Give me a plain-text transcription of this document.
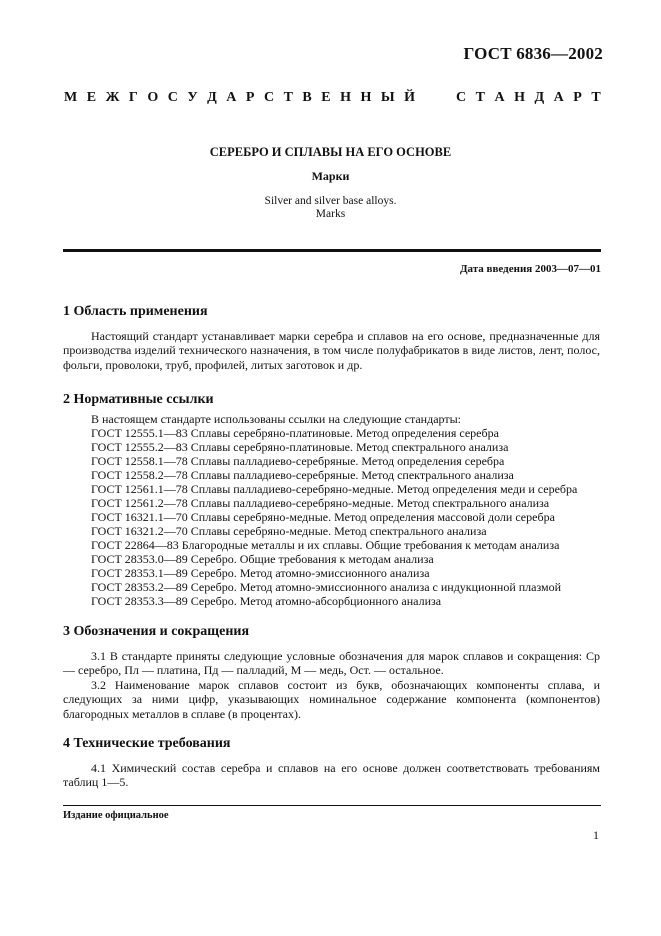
ГОСТ 6836—2002
М Е Ж Г О С У Д А Р С Т В Е Н Н Ы Й	С Т А Н Д А Р Т
СЕРЕБРО И СПЛАВЫ НА ЕГО ОСНОВЕ
Марки
Silver and silver base alloys.
Marks
Дата введения 2003—07—01

1 Область применения

Настоящий стандарт устанавливает марки серебра и сплавов на его основе, предназначенные для производства изделий технического назначения, в том числе полуфабрикатов в виде листов, лент, полос, фольги, проволоки, труб, профилей, литых заготовок и др.

2 Нормативные ссылки

В настоящем стандарте использованы ссылки на следующие стандарты:
ГОСТ 12555.1—83 Сплавы серебряно-платиновые. Метод определения серебра
ГОСТ 12555.2—83 Сплавы серебряно-платиновые. Метод спектрального анализа
ГОСТ 12558.1—78 Сплавы палладиево-серебряные. Метод определения серебра
ГОСТ 12558.2—78 Сплавы палладиево-серебряные. Метод спектрального анализа
ГОСТ 12561.1—78 Сплавы палладиево-серебряно-медные. Метод определения меди и серебра
ГОСТ 12561.2—78 Сплавы палладиево-серебряно-медные. Метод спектрального анализа
ГОСТ 16321.1—70 Сплавы серебряно-медные. Метод определения массовой доли серебра
ГОСТ 16321.2—70 Сплавы серебряно-медные. Метод спектрального анализа
ГОСТ 22864—83 Благородные металлы и их сплавы. Общие требования к методам анализа
ГОСТ 28353.0—89 Серебро. Общие требования к методам анализа
ГОСТ 28353.1—89 Серебро. Метод атомно-эмиссионного анализа
ГОСТ 28353.2—89 Серебро. Метод атомно-эмиссионного анализа с индукционной плазмой
ГОСТ 28353.3—89 Серебро. Метод атомно-абсорбционного анализа

3 Обозначения и сокращения

3.1 В стандарте приняты следующие условные обозначения для марок сплавов и сокращения: Ср — серебро, Пл — платина, Пд — палладий, М — медь, Ост. — остальное.

3.2 Наименование марок сплавов состоит из букв, обозначающих компоненты сплава, и следующих за ними цифр, указывающих номинальное содержание компонента (компонентов) благородных металлов в сплаве (в процентах).

4 Технические требования

4.1 Химический состав серебра и сплавов на его основе должен соответствовать требованиям таблиц 1—5.

Издание официальное
1
